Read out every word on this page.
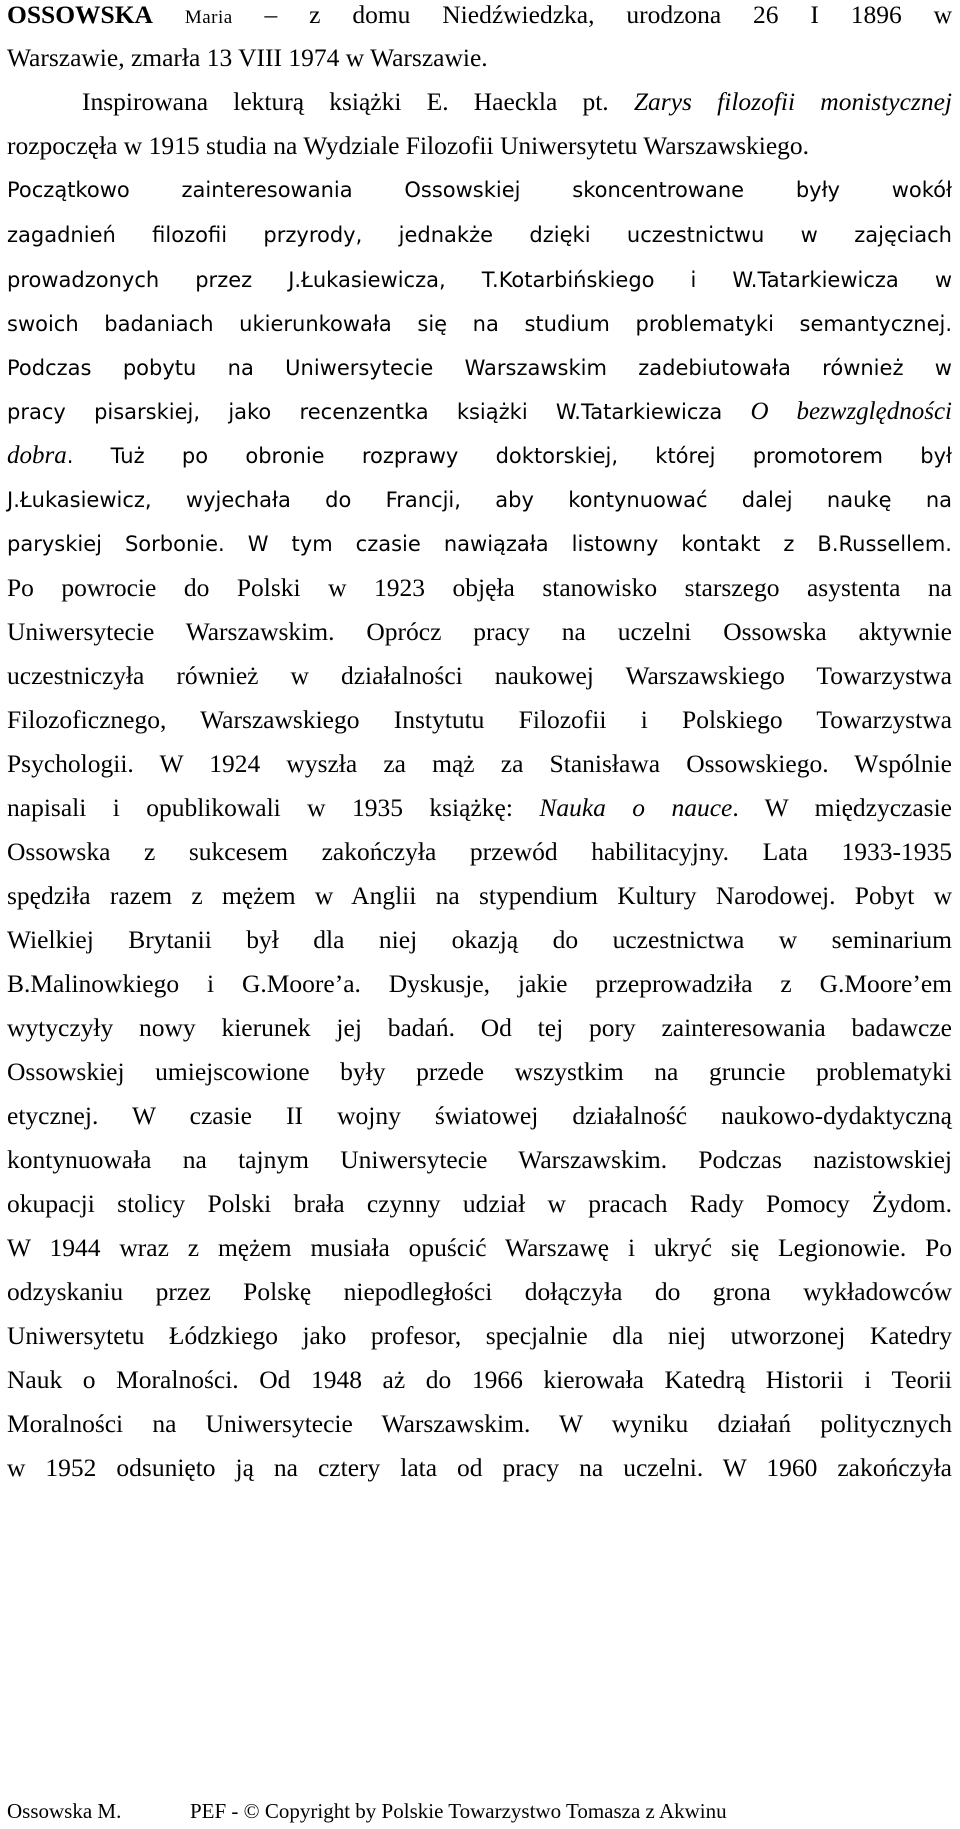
OSSOWSKA Maria – z domu Niedźwiedzka, urodzona 26 I 1896 w
Warszawie, zmarła 13 VIII 1974 w Warszawie.
Inspirowana lekturą książki E. Haeckla pt. Zarys filozofii monistycznej
rozpoczęła w 1915 studia na Wydziale Filozofii Uniwersytetu Warszawskiego.
Początkowo zainteresowania Ossowskiej skoncentrowane były wokół
zagadnień filozofii przyrody, jednakże dzięki uczestnictwu w zajęciach
prowadzonych przez J.Łukasiewicza, T.Kotarbińskiego i W.Tatarkiewicza w
swoich badaniach ukierunkowała się na studium problematyki semantycznej.
Podczas pobytu na Uniwersytecie Warszawskim zadebiutowała również w
pracy pisarskiej, jako recenzentka książki W.Tatarkiewicza O bezwzględności
dobra. Tuż po obronie rozprawy doktorskiej, której promotorem był
J.Łukasiewicz, wyjechała do Francji, aby kontynuować dalej naukę na
paryskiej Sorbonie. W tym czasie nawiązała listowny kontakt z B.Russellem.
Po powrocie do Polski w 1923 objęła stanowisko starszego asystenta na
Uniwersytecie Warszawskim. Oprócz pracy na uczelni Ossowska aktywnie
uczestniczyła również w działalności naukowej Warszawskiego Towarzystwa
Filozoficznego, Warszawskiego Instytutu Filozofii i Polskiego Towarzystwa
Psychologii. W 1924 wyszła za mąż za Stanisława Ossowskiego. Wspólnie
napisali i opublikowali w 1935 książkę: Nauka o nauce. W międzyczasie
Ossowska z sukcesem zakończyła przewód habilitacyjny. Lata 1933-1935
spędziła razem z mężem w Anglii na stypendium Kultury Narodowej. Pobyt w
Wielkiej Brytanii był dla niej okazją do uczestnictwa w seminarium
B.Malinowkiego i G.Moore’a. Dyskusje, jakie przeprowadziła z G.Moore’em
wytyczyły nowy kierunek jej badań. Od tej pory zainteresowania badawcze
Ossowskiej umiejscowione były przede wszystkim na gruncie problematyki
etycznej. W czasie II wojny światowej działalność naukowo-dydaktyczną
kontynuowała na tajnym Uniwersytecie Warszawskim. Podczas nazistowskiej
okupacji stolicy Polski brała czynny udział w pracach Rady Pomocy Żydom.
W 1944 wraz z mężem musiała opuścić Warszawę i ukryć się Legionowie. Po
odzyskaniu przez Polskę niepodległości dołączyła do grona wykładowców
Uniwersytetu Łódzkiego jako profesor, specjalnie dla niej utworzonej Katedry
Nauk o Moralności. Od 1948 aż do 1966 kierowała Katedrą Historii i Teorii
Moralności na Uniwersytecie Warszawskim. W wyniku działań politycznych
w 1952 odsunięto ją na cztery lata od pracy na uczelni. W 1960 zakończyła
Ossowska M.	PEF - © Copyright by Polskie Towarzystwo Tomasza z Akwinu
